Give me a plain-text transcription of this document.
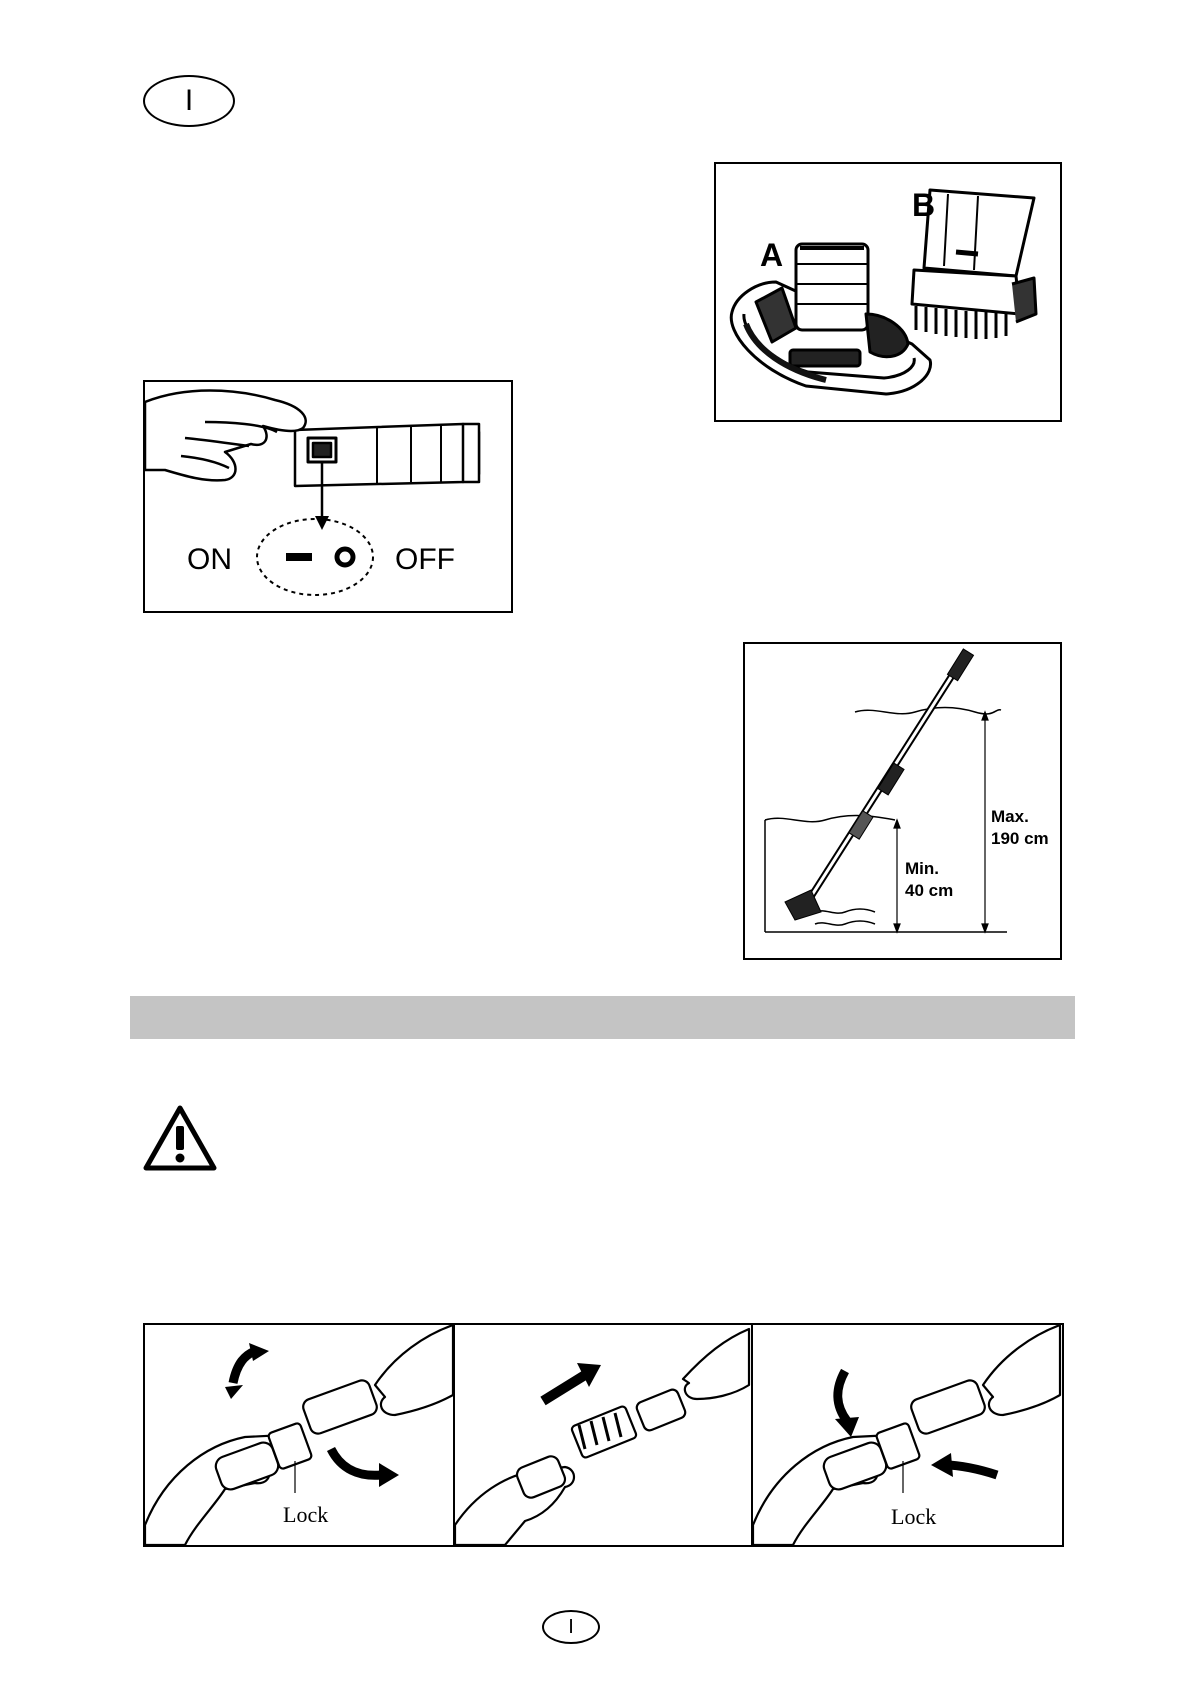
I
A
B
ON	OFF
Max.
190 cm
Min.
40 cm
Lock	Lock
I
